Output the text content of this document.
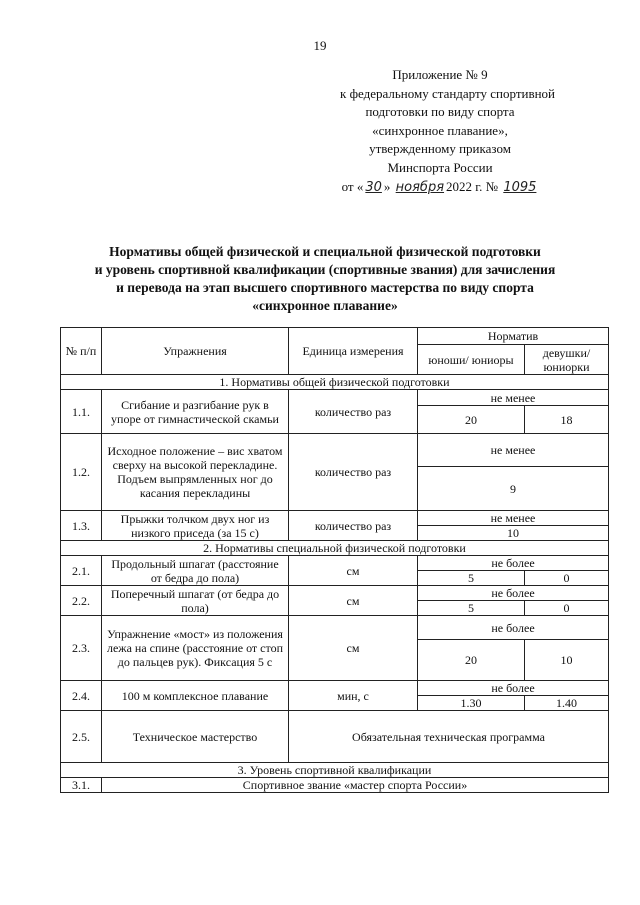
19
Приложение № 9
к федеральному стандарту спортивной
подготовки по виду спорта
«синхронное плавание»,
утвержденному приказом
Минспорта России
от « 30 » ноября 2022 г. № 1095
Нормативы общей физической и специальной физической подготовки
и уровень спортивной квалификации (спортивные звания) для зачисления
и перевода на этап высшего спортивного мастерства по виду спорта
«синхронное плавание»
№ п/п	Упражнения	Единица измерения	Норматив	
			юноши/ юниоры	девушки/ юниорки
1. Нормативы общей физической подготовки				
1.1.	Сгибание и разгибание рук в упоре от гимнастической скамьи	количество раз	не менее	
			20	18
1.2.	Исходное положение – вис хватом сверху на высокой перекладине. Подъем выпрямленных ног до касания перекладины	количество раз	не менее	
			9	
1.3.	Прыжки толчком двух ног из низкого приседа (за 15 с)	количество раз	не менее	
			10	
2. Нормативы специальной физической подготовки				
2.1.	Продольный шпагат (расстояние от бедра до пола)	см	не более	
			5	0
2.2.	Поперечный шпагат (от бедра до пола)	см	не более	
			5	0
2.3.	Упражнение «мост» из положения лежа на спине (расстояние от стоп до пальцев рук). Фиксация 5 с	см	не более	
			20	10
2.4.	100 м комплексное плавание	мин, с	не более	
			1.30	1.40
2.5.	Техническое мастерство	Обязательная техническая программа		
3. Уровень спортивной квалификации				
3.1.	Спортивное звание «мастер спорта России»			
